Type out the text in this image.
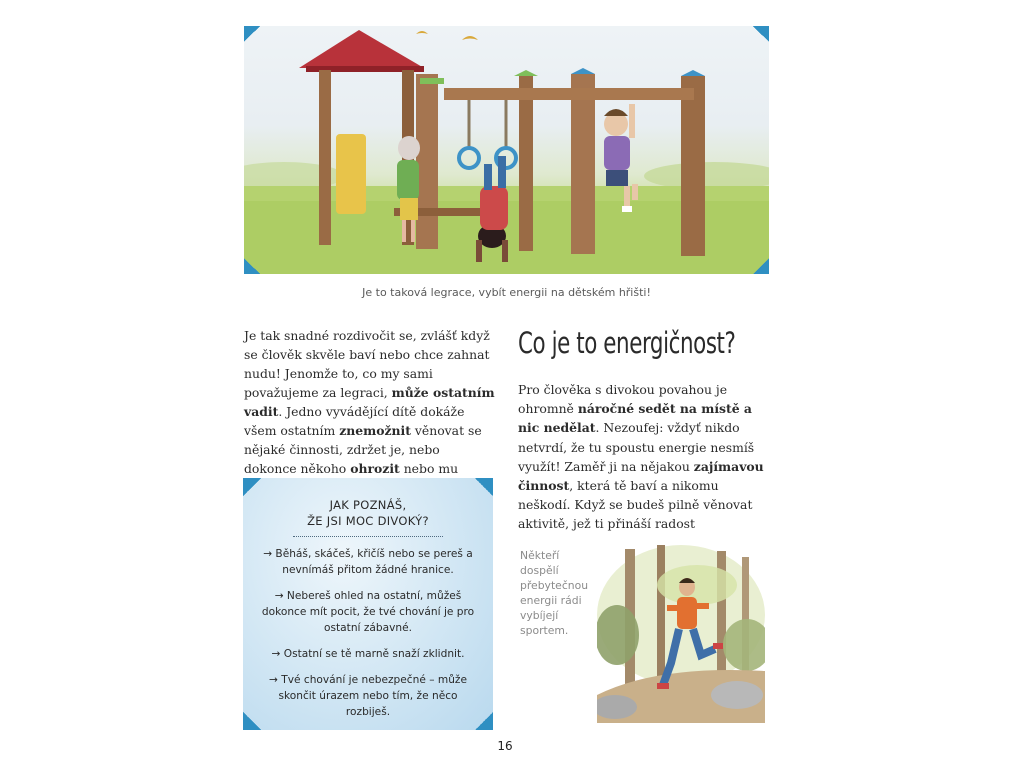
Je to taková legrace, vybít energii na dětském hřišti!

Je tak snadné rozdivočit se, zvlášť když se člověk skvěle baví nebo chce zahnat nudu! Jenomže to, co my sami považujeme za legraci, může ostatním vadit. Jedno vyvádějící dítě dokáže všem ostatním znemožnit věnovat se nějaké činnosti, zdržet je, nebo dokonce někoho ohrozit nebo mu

Co je to energičnost?

Pro člověka s divokou povahou je ohromně náročné sedět na místě a nic nedělat. Nezoufej: vždyť nikdo netvrdí, že tu spoustu energie nesmíš využít! Zaměř ji na nějakou zajímavou činnost, která tě baví a nikomu neškodí. Když se budeš pilně věnovat aktivitě, jež ti přináší radost

JAK POZNÁŠ,
ŽE JSI MOC DIVOKÝ?
→ Běháš, skáčeš, křičíš nebo se pereš a nevnímáš přitom žádné hranice.
→ Nebereš ohled na ostatní, můžeš dokonce mít pocit, že tvé chování je pro ostatní zábavné.
→ Ostatní se tě marně snaží zklidnit.
→ Tvé chování je nebezpečné – může skončit úrazem nebo tím, že něco rozbiješ.
Někteří dospělí přebytečnou energii rádi vybíjejí sportem.
16
